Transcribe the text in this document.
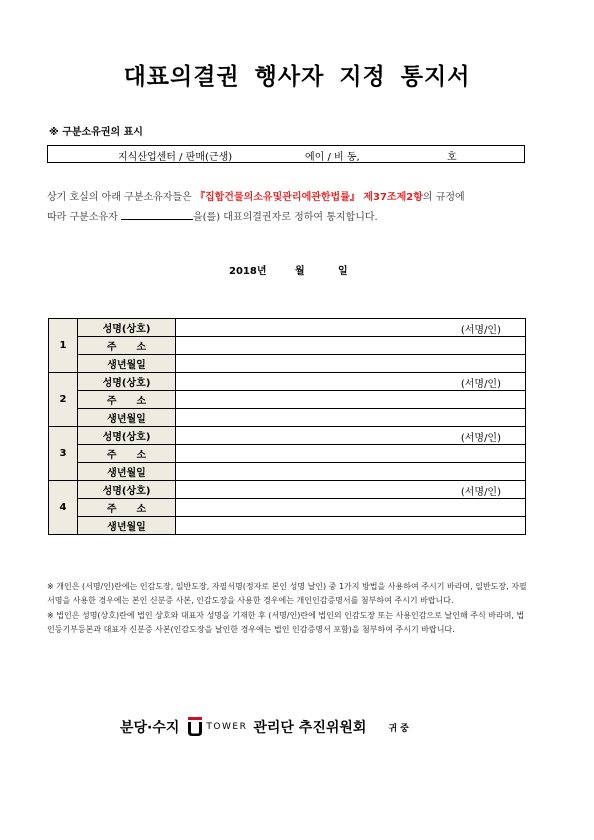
대표의결권 행사자 지정 통지서
※ 구분소유권의 표시
지식산업센터 / 판매(근생)	에이 / 비 동,	호
상기 호실의 아래 구분소유자들은 『집합건물의소유및관리에관한법률』 제37조제2항의 규정에
따라 구분소유자	을(를) 대표의결권자로 정하여 통지합니다.
2018년	월	일
1	성명(상호)	(서명/인)

	주　　소	
	생년월일	
2	성명(상호)	(서명/인)

	주　　소	
	생년월일	
3	성명(상호)	(서명/인)

	주　　소	
	생년월일	
4	성명(상호)	(서명/인)

	주　　소	
	생년월일	

※ 개인은 (서명/인)란에는 인감도장, 일반도장, 자필서명(정자로 본인 성명 날인) 중 1가지 방법을 사용하여 주시기 바라며, 일반도장, 자필서명을 사용한 경우에는 본인 신분증 사본, 인감도장을 사용한 경우에는 개인인감증명서를 첨부하여 주시기 바랍니다.

※ 법인은 성명(상호)란에 법인 상호와 대표자 성명을 기재한 후 (서명/인)란에 법인의 인감도장 또는 사용인감으로 날인해 주식 바라며, 법인등기부등본과 대표자 신분증 사본(인감도장을 날인한 경우에는 법인 인감증명서 포함)을 첨부하여 주시기 바랍니다.

분당·수지	TOWER 관리단 추진위원회 귀중
